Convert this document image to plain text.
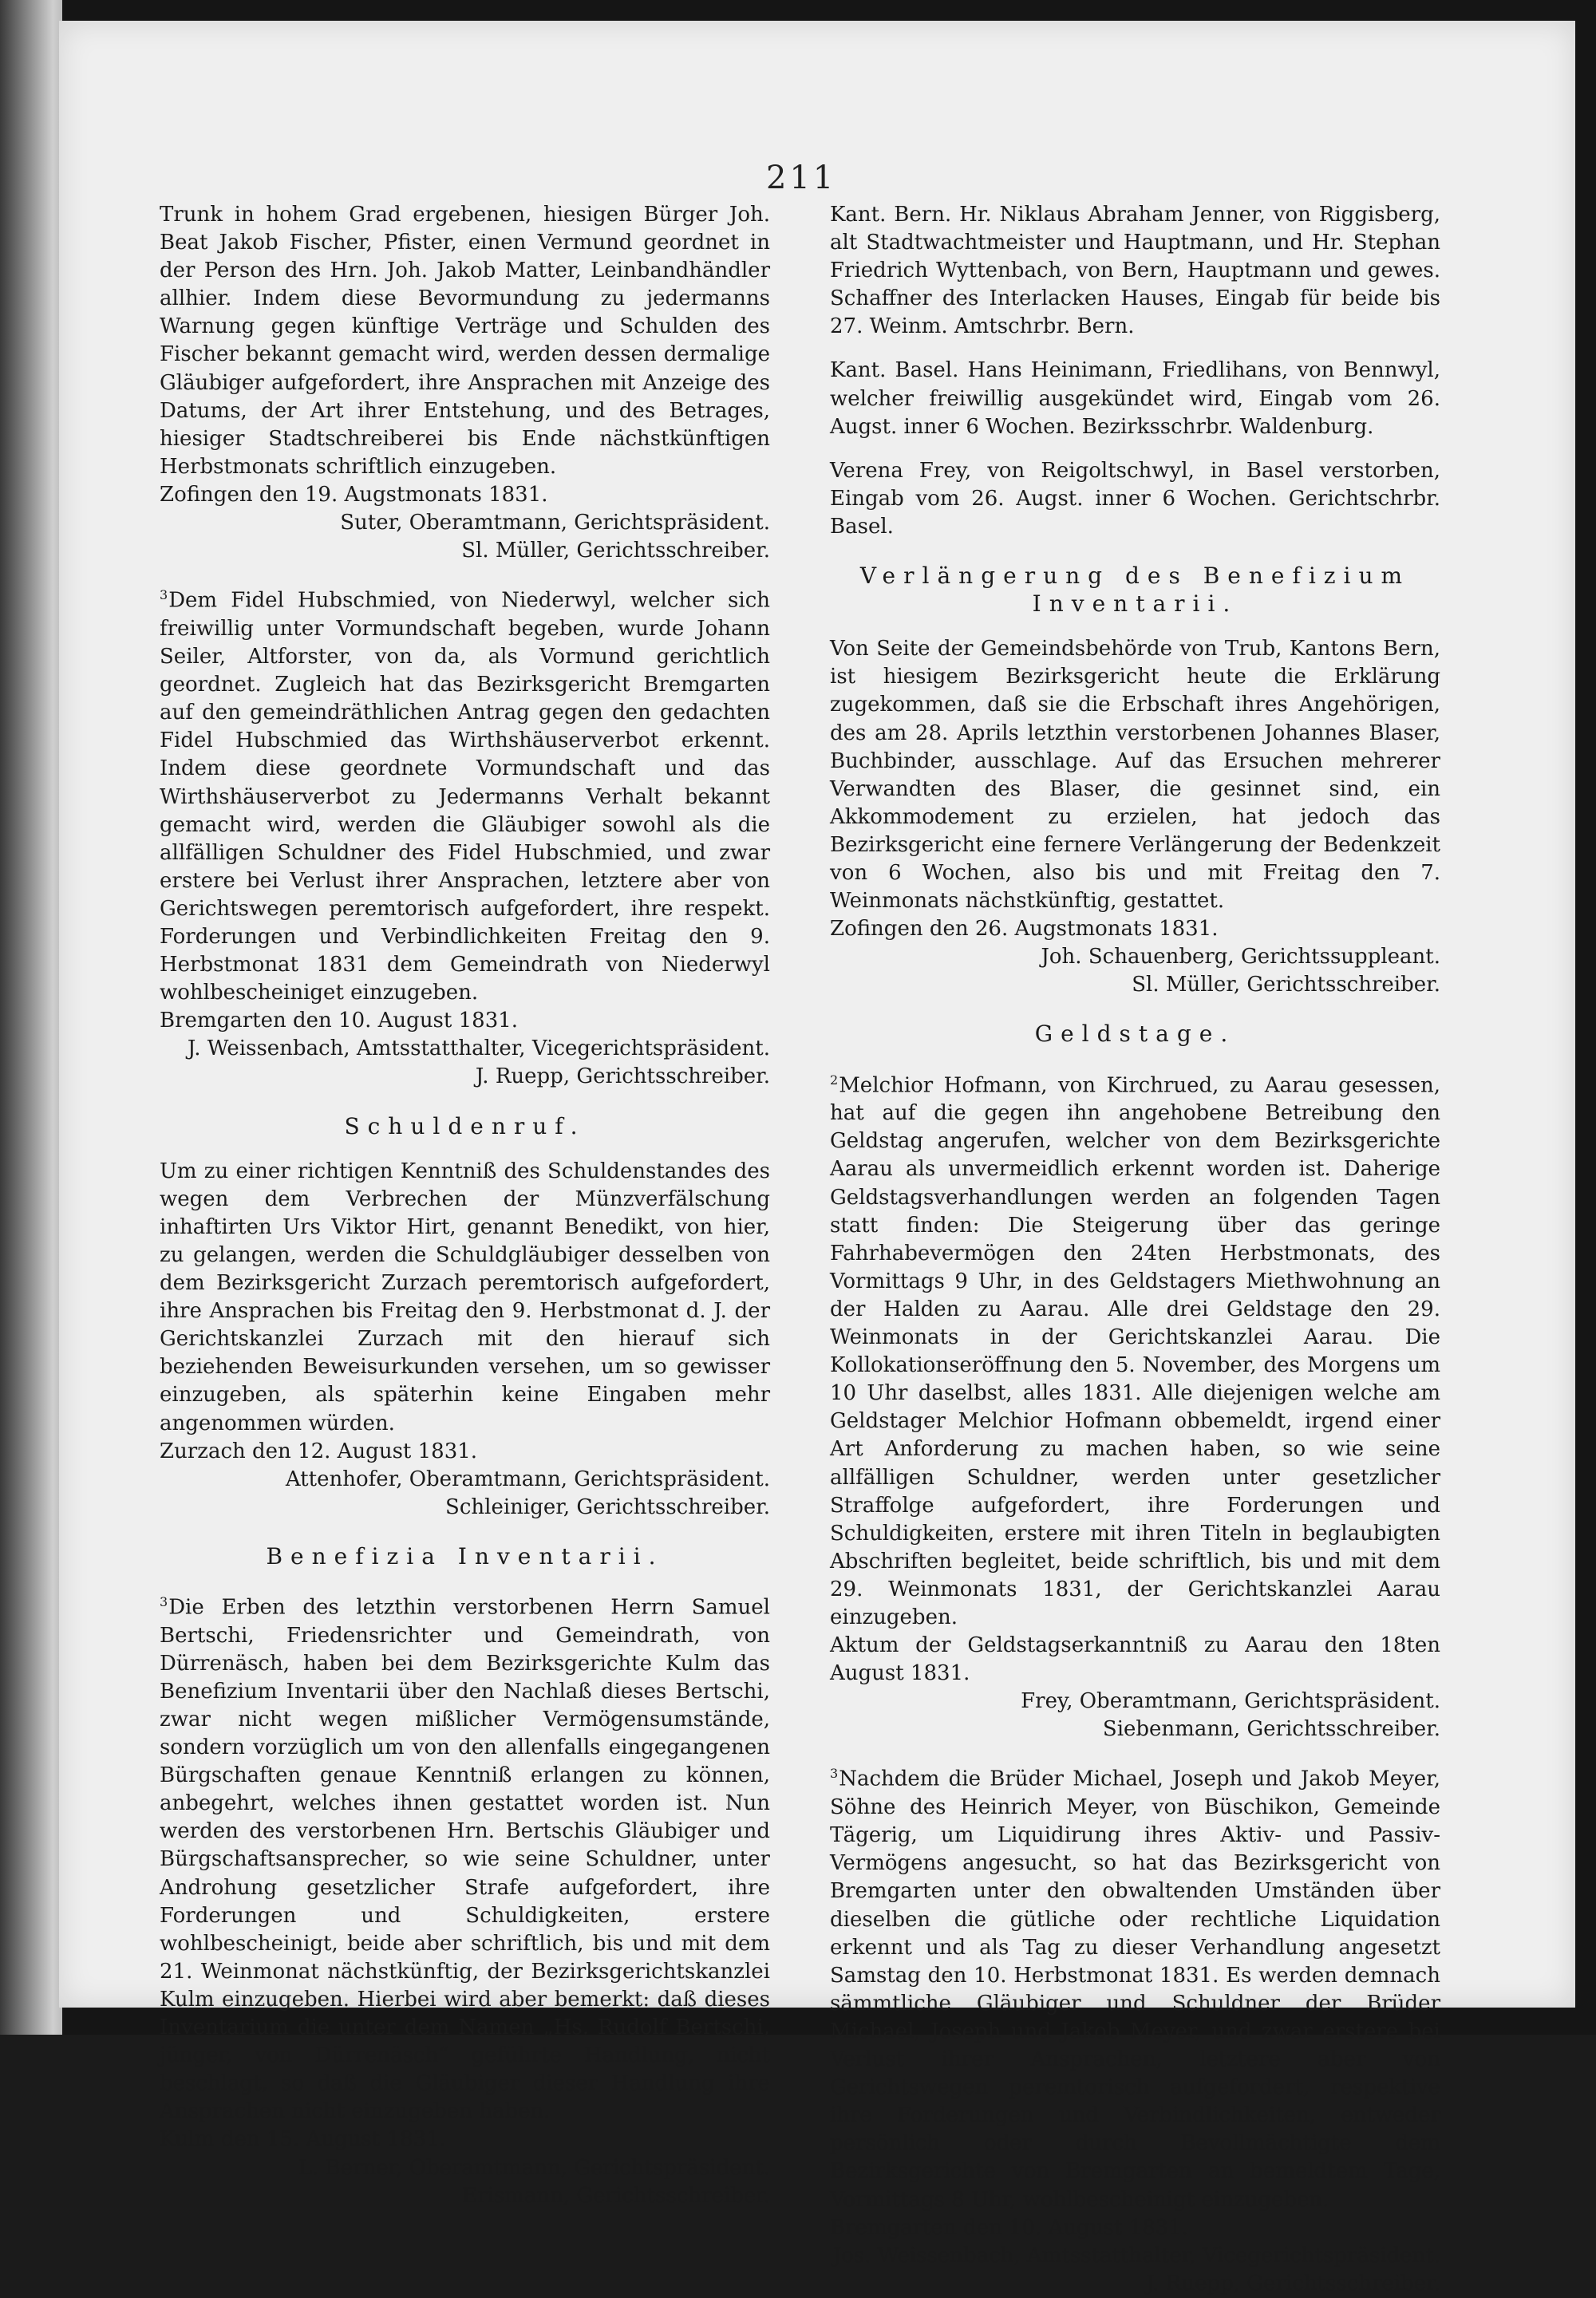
211

Trunk in hohem Grad ergebenen, hiesigen Bürger Joh. Beat Jakob Fischer, Pfister, einen Vermund geordnet in der Person des Hrn. Joh. Jakob Matter, Leinbandhändler allhier. Indem diese Bevormundung zu jedermanns Warnung gegen künftige Verträge und Schulden des Fischer bekannt gemacht wird, werden dessen dermalige Gläubiger aufgefordert, ihre Ansprachen mit Anzeige des Datums, der Art ihrer Entstehung, und des Betrages, hiesiger Stadtschreiberei bis Ende nächstkünftigen Herbstmonats schriftlich einzugeben.

Zofingen den 19. Augstmonats 1831.

Suter, Oberamtmann, Gerichtspräsident.

Sl. Müller, Gerichtsschreiber.

$^3$Dem Fidel Hubschmied, von Niederwyl, welcher sich freiwillig unter Vormundschaft begeben, wurde Johann Seiler, Altforster, von da, als Vormund gerichtlich geordnet. Zugleich hat das Bezirksgericht Bremgarten auf den gemeindräthlichen Antrag gegen den gedachten Fidel Hubschmied das Wirthshäuserverbot erkennt. Indem diese geordnete Vormundschaft und das Wirthshäuserverbot zu Jedermanns Verhalt bekannt gemacht wird, werden die Gläubiger sowohl als die allfälligen Schuldner des Fidel Hubschmied, und zwar erstere bei Verlust ihrer Ansprachen, letztere aber von Gerichtswegen peremtorisch aufgefordert, ihre respekt. Forderungen und Verbindlichkeiten Freitag den 9. Herbstmonat 1831 dem Gemeindrath von Niederwyl wohlbescheiniget einzugeben.

Bremgarten den 10. August 1831.

J. Weissenbach, Amtsstatthalter, Vicegerichtspräsident.

J. Ruepp, Gerichtsschreiber.

Schuldenruf.

Um zu einer richtigen Kenntniß des Schuldenstandes des wegen dem Verbrechen der Münzverfälschung inhaftirten Urs Viktor Hirt, genannt Benedikt, von hier, zu gelangen, werden die Schuldgläubiger desselben von dem Bezirksgericht Zurzach peremtorisch aufgefordert, ihre Ansprachen bis Freitag den 9. Herbstmonat d. J. der Gerichtskanzlei Zurzach mit den hierauf sich beziehenden Beweisurkunden versehen, um so gewisser einzugeben, als späterhin keine Eingaben mehr angenommen würden.

Zurzach den 12. August 1831.

Attenhofer, Oberamtmann, Gerichtspräsident.

Schleiniger, Gerichtsschreiber.

Benefizia Inventarii.

$^3$Die Erben des letzthin verstorbenen Herrn Samuel Bertschi, Friedensrichter und Gemeindrath, von Dürrenäsch, haben bei dem Bezirksgerichte Kulm das Benefizium Inventarii über den Nachlaß dieses Bertschi, zwar nicht wegen mißlicher Vermögensumstände, sondern vorzüglich um von den allenfalls eingegangenen Bürgschaften genaue Kenntniß erlangen zu können, anbegehrt, welches ihnen gestattet worden ist. Nun werden des verstorbenen Hrn. Bertschis Gläubiger und Bürgschaftsansprecher, so wie seine Schuldner, unter Androhung gesetzlicher Strafe aufgefordert, ihre Forderungen und Schuldigkeiten, erstere wohlbescheinigt, beide aber schriftlich, bis und mit dem 21. Weinmonat nächstkünftig, der Bezirksgerichtskanzlei Kulm einzugeben. Hierbei wird aber bemerkt: daß dieses Inventarium die unter dem Namen „Hs. Rudolf Bertschi, jünger, von Dürrenäsch“ geführte Handlung, nicht beschlagt, so daß die Gläubiger dieser Handlung ihre Ansprachen nicht einzugeben haben.

Kulm den 15. August 1831.

L. Berner, Oberamtmann, Gerichtspräsident.

Erismann, Gerichtsschreiber.

Kant. Bern. Hr. Niklaus Abraham Jenner, von Riggisberg, alt Stadtwachtmeister und Hauptmann, und Hr. Stephan Friedrich Wyttenbach, von Bern, Hauptmann und gewes. Schaffner des Interlacken Hauses, Eingab für beide bis 27. Weinm. Amtschrbr. Bern.

Kant. Basel. Hans Heinimann, Friedlihans, von Bennwyl, welcher freiwillig ausgekündet wird, Eingab vom 26. Augst. inner 6 Wochen. Bezirksschrbr. Waldenburg.

Verena Frey, von Reigoltschwyl, in Basel verstorben, Eingab vom 26. Augst. inner 6 Wochen. Gerichtschrbr. Basel.

Verlängerung des Benefizium Inventarii.

Von Seite der Gemeindsbehörde von Trub, Kantons Bern, ist hiesigem Bezirksgericht heute die Erklärung zugekommen, daß sie die Erbschaft ihres Angehörigen, des am 28. Aprils letzthin verstorbenen Johannes Blaser, Buchbinder, ausschlage. Auf das Ersuchen mehrerer Verwandten des Blaser, die gesinnet sind, ein Akkommodement zu erzielen, hat jedoch das Bezirksgericht eine fernere Verlängerung der Bedenkzeit von 6 Wochen, also bis und mit Freitag den 7. Weinmonats nächstkünftig, gestattet.

Zofingen den 26. Augstmonats 1831.

Joh. Schauenberg, Gerichtssuppleant.

Sl. Müller, Gerichtsschreiber.

Geldstage.

$^2$Melchior Hofmann, von Kirchrued, zu Aarau gesessen, hat auf die gegen ihn angehobene Betreibung den Geldstag angerufen, welcher von dem Bezirksgerichte Aarau als unvermeidlich erkennt worden ist. Daherige Geldstagsverhandlungen werden an folgenden Tagen statt finden: Die Steigerung über das geringe Fahrhabevermögen den 24ten Herbstmonats, des Vormittags 9 Uhr, in des Geldstagers Miethwohnung an der Halden zu Aarau. Alle drei Geldstage den 29. Weinmonats in der Gerichtskanzlei Aarau. Die Kollokationseröffnung den 5. November, des Morgens um 10 Uhr daselbst, alles 1831. Alle diejenigen welche am Geldstager Melchior Hofmann obbemeldt, irgend einer Art Anforderung zu machen haben, so wie seine allfälligen Schuldner, werden unter gesetzlicher Straffolge aufgefordert, ihre Forderungen und Schuldigkeiten, erstere mit ihren Titeln in beglaubigten Abschriften begleitet, beide schriftlich, bis und mit dem 29. Weinmonats 1831, der Gerichtskanzlei Aarau einzugeben.

Aktum der Geldstagserkanntniß zu Aarau den 18ten August 1831.

Frey, Oberamtmann, Gerichtspräsident.

Siebenmann, Gerichtsschreiber.

$^3$Nachdem die Brüder Michael, Joseph und Jakob Meyer, Söhne des Heinrich Meyer, von Büschikon, Gemeinde Tägerig, um Liquidirung ihres Aktiv- und Passiv-Vermögens angesucht, so hat das Bezirksgericht von Bremgarten unter den obwaltenden Umständen über dieselben die gütliche oder rechtliche Liquidation erkennt und als Tag zu dieser Verhandlung angesetzt Samstag den 10. Herbstmonat 1831. Es werden demnach sämmtliche Gläubiger und Schuldner der Brüder Michael, Joseph und Jakob Meyer, und zwar erstere bei Verlust ihrer Ansprachen, letztere aber von Gerichtswegen peremtorisch aufgefordert, respektive ihre Forderungen und Verbindlichkeiten, entweder persönlich oder durch Bevollmächtigte dem Bezirksgerichte von Bremgarten an bemeldtem Tage, Vormittags 8 Uhr, wohlbescheinigt einzugeben.

Bremgarten den 10. August 1831.

Jos. Weissenbach, Amtsstatthalter, Vicegerichtspräsident.

J. Ruepp, Gerichtsschreiber.
